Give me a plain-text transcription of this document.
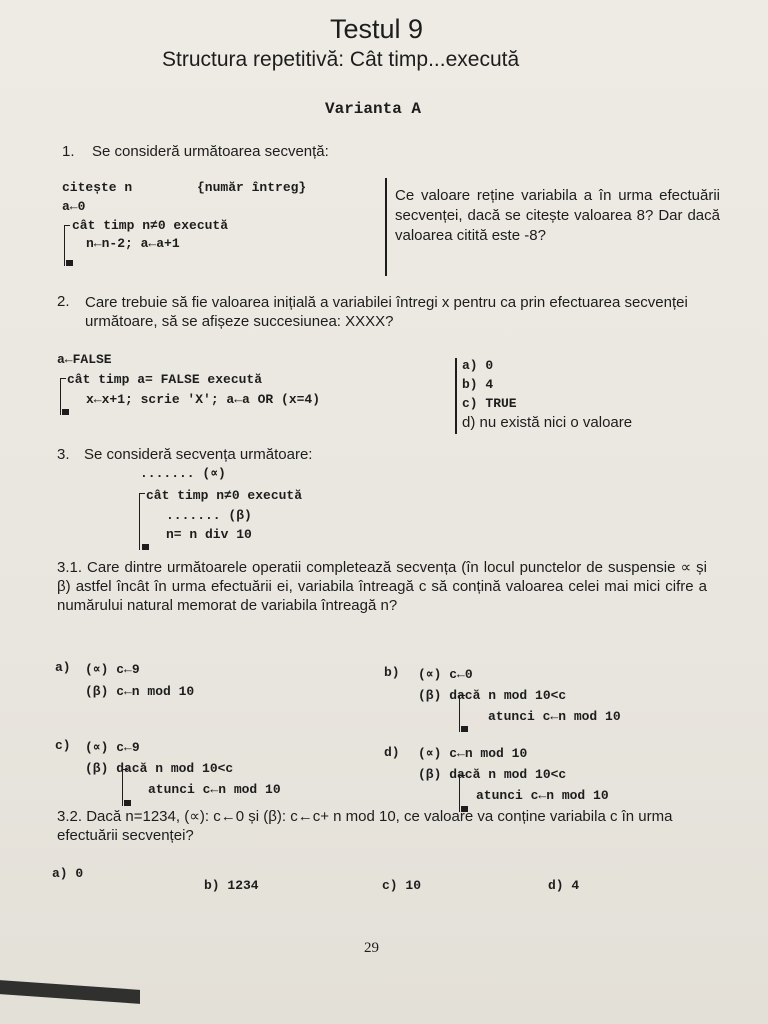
Testul 9
Structura repetitivă: Cât timp...execută
Varianta A
1. Se consideră următoarea secvență:
citește n	{număr întreg}
a←0
cât timp n≠0 execută
n←n-2; a←a+1
Ce valoare reține variabila a în urma efectuării secvenței, dacă se citește valoarea 8? Dar dacă valoarea citită este -8?
2. Care trebuie să fie valoarea inițială a variabilei întregi x pentru ca prin efectuarea secvenței următoare, să se afișeze succesiunea: XXXX?
a←FALSE
cât timp a= FALSE execută
x←x+1; scrie 'X'; a←a OR (x=4)
a) 0
b) 4
c) TRUE
d) nu există nici o valoare
3. Se consideră secvența următoare:
....... (∝)
cât timp n≠0 execută
....... (β)
n= n div 10
3.1. Care dintre următoarele operatii completează secvența (în locul punctelor de suspensie ∝ și β) astfel încât în urma efectuării ei, variabila întreagă c să conțină valoarea celei mai mici cifre a numărului natural memorat de variabila întreagă n?
a) (∝) c←9
(β) c←n mod 10
b) (∝) c←0
(β) dacă n mod 10<c
atunci c←n mod 10
c) (∝) c←9
(β) dacă n mod 10<c
atunci c←n mod 10
d) (∝) c←n mod 10
(β) dacă n mod 10<c
atunci c←n mod 10
3.2. Dacă n=1234, (∝): c←0 și (β): c←c+ n mod 10, ce valoare va conține variabila c în urma efectuării secvenței?
a) 0
b) 1234	c) 10	d) 4
29
